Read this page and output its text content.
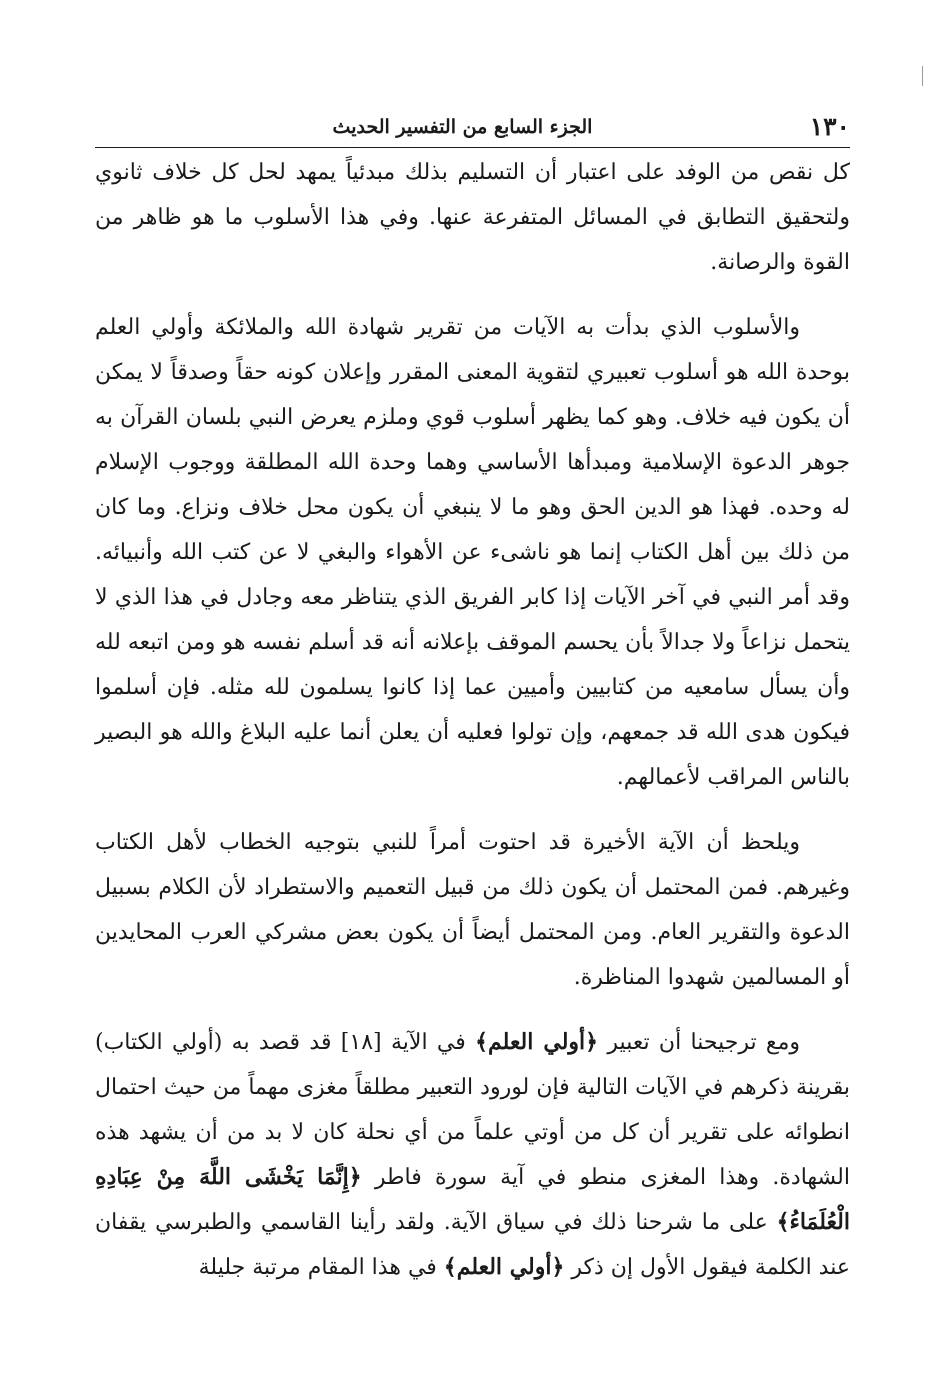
١٣٠
الجزء السابع من التفسير الحديث

كل نقص من الوفد على اعتبار أن التسليم بذلك مبدئياً يمهد لحل كل خلاف ثانوي ولتحقيق التطابق في المسائل المتفرعة عنها. وفي هذا الأسلوب ما هو ظاهر من القوة والرصانة.

والأسلوب الذي بدأت به الآيات من تقرير شهادة الله والملائكة وأولي العلم بوحدة الله هو أسلوب تعبيري لتقوية المعنى المقرر وإعلان كونه حقاً وصدقاً لا يمكن أن يكون فيه خلاف. وهو كما يظهر أسلوب قوي وملزم يعرض النبي بلسان القرآن به جوهر الدعوة الإسلامية ومبدأها الأساسي وهما وحدة الله المطلقة ووجوب الإسلام له وحده. فهذا هو الدين الحق وهو ما لا ينبغي أن يكون محل خلاف ونزاع. وما كان من ذلك بين أهل الكتاب إنما هو ناشىء عن الأهواء والبغي لا عن كتب الله وأنبيائه. وقد أمر النبي في آخر الآيات إذا كابر الفريق الذي يتناظر معه وجادل في هذا الذي لا يتحمل نزاعاً ولا جدالاً بأن يحسم الموقف بإعلانه أنه قد أسلم نفسه هو ومن اتبعه لله وأن يسأل سامعيه من كتابيين وأميين عما إذا كانوا يسلمون لله مثله. فإن أسلموا فيكون هدى الله قد جمعهم، وإن تولوا فعليه أن يعلن أنما عليه البلاغ والله هو البصير بالناس المراقب لأعمالهم.

ويلحظ أن الآية الأخيرة قد احتوت أمراً للنبي بتوجيه الخطاب لأهل الكتاب وغيرهم. فمن المحتمل أن يكون ذلك من قبيل التعميم والاستطراد لأن الكلام بسبيل الدعوة والتقرير العام. ومن المحتمل أيضاً أن يكون بعض مشركي العرب المحايدين أو المسالمين شهدوا المناظرة.

ومع ترجيحنا أن تعبير ﴿أولي العلم﴾ في الآية [١٨] قد قصد به (أولي الكتاب) بقرينة ذكرهم في الآيات التالية فإن لورود التعبير مطلقاً مغزى مهماً من حيث احتمال انطوائه على تقرير أن كل من أوتي علماً من أي نحلة كان لا بد من أن يشهد هذه الشهادة. وهذا المغزى منطو في آية سورة فاطر ﴿إِنَّمَا يَخْشَى اللَّهَ مِنْ عِبَادِهِ الْعُلَمَاءُ﴾ على ما شرحنا ذلك في سياق الآية. ولقد رأينا القاسمي والطبرسي يقفان عند الكلمة فيقول الأول إن ذكر ﴿أولي العلم﴾ في هذا المقام مرتبة جليلة
